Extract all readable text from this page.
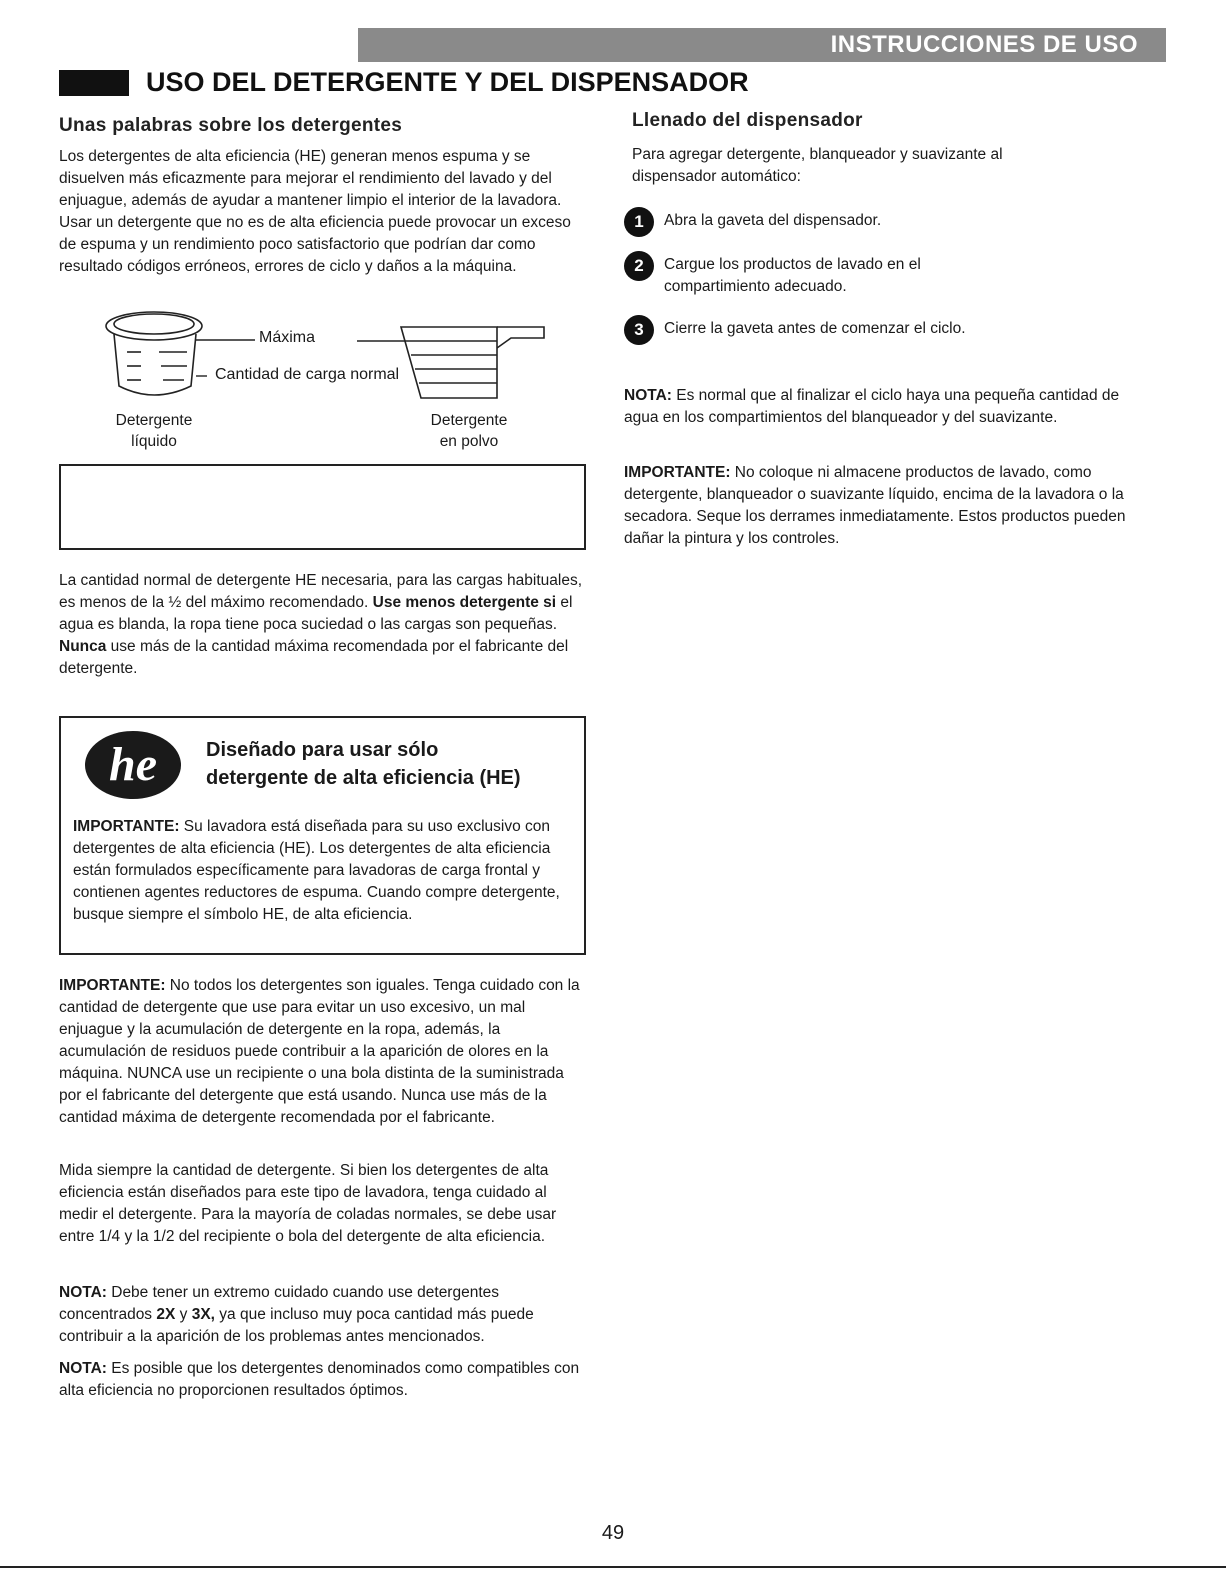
INSTRUCCIONES DE USO
USO DEL DETERGENTE Y DEL DISPENSADOR
Unas palabras sobre los detergentes

Los detergentes de alta eficiencia (HE) generan menos espuma y se disuelven más eficazmente para mejorar el rendimiento del lavado y del enjuague, además de ayudar a mantener limpio el interior de la lavadora. Usar un detergente que no es de alta eficiencia puede provocar un exceso de espuma y un rendimiento poco satisfactorio que podrían dar como resultado códigos erróneos, errores de ciclo y daños a la máquina.

Máxima
Cantidad de carga normal
Detergente
líquido
Detergente
en polvo

La cantidad normal de detergente HE necesaria, para las cargas habituales, es menos de la ½ del máximo recomendado. Use menos detergente si el agua es blanda, la ropa tiene poca suciedad o las cargas son pequeñas. Nunca use más de la cantidad máxima recomendada por el fabricante del detergente.

he Diseñado para usar sólo
detergente de alta eficiencia (HE)

IMPORTANTE: Su lavadora está diseñada para su uso exclusivo con detergentes de alta eficiencia (HE). Los detergentes de alta eficiencia están formulados específicamente para lavadoras de carga frontal y contienen agentes reductores de espuma. Cuando compre detergente, busque siempre el símbolo HE, de alta eficiencia.

IMPORTANTE: No todos los detergentes son iguales. Tenga cuidado con la cantidad de detergente que use para evitar un uso excesivo, un mal enjuague y la acumulación de detergente en la ropa, además, la acumulación de residuos puede contribuir a la aparición de olores en la máquina. NUNCA use un recipiente o una bola distinta de la suministrada por el fabricante del detergente que está usando. Nunca use más de la cantidad máxima de detergente recomendada por el fabricante.

Mida siempre la cantidad de detergente. Si bien los detergentes de alta eficiencia están diseñados para este tipo de lavadora, tenga cuidado al medir el detergente. Para la mayoría de coladas normales, se debe usar entre 1/4 y la 1/2 del recipiente o bola del detergente de alta eficiencia.

NOTA: Debe tener un extremo cuidado cuando use detergentes concentrados 2X y 3X, ya que incluso muy poca cantidad más puede contribuir a la aparición de los problemas antes mencionados.

NOTA: Es posible que los detergentes denominados como compatibles con alta eficiencia no proporcionen resultados óptimos.

Llenado del dispensador

Para agregar detergente, blanqueador y suavizante al dispensador automático:

1	Abra la gaveta del dispensador.

2	Cargue los productos de lavado en el compartimiento adecuado.

3	Cierre la gaveta antes de comenzar el ciclo.

NOTA: Es normal que al finalizar el ciclo haya una pequeña cantidad de agua en los compartimientos del blanqueador y del suavizante.

IMPORTANTE: No coloque ni almacene productos de lavado, como detergente, blanqueador o suavizante líquido, encima de la lavadora o la secadora. Seque los derrames inmediatamente. Estos productos pueden dañar la pintura y los controles.

49
